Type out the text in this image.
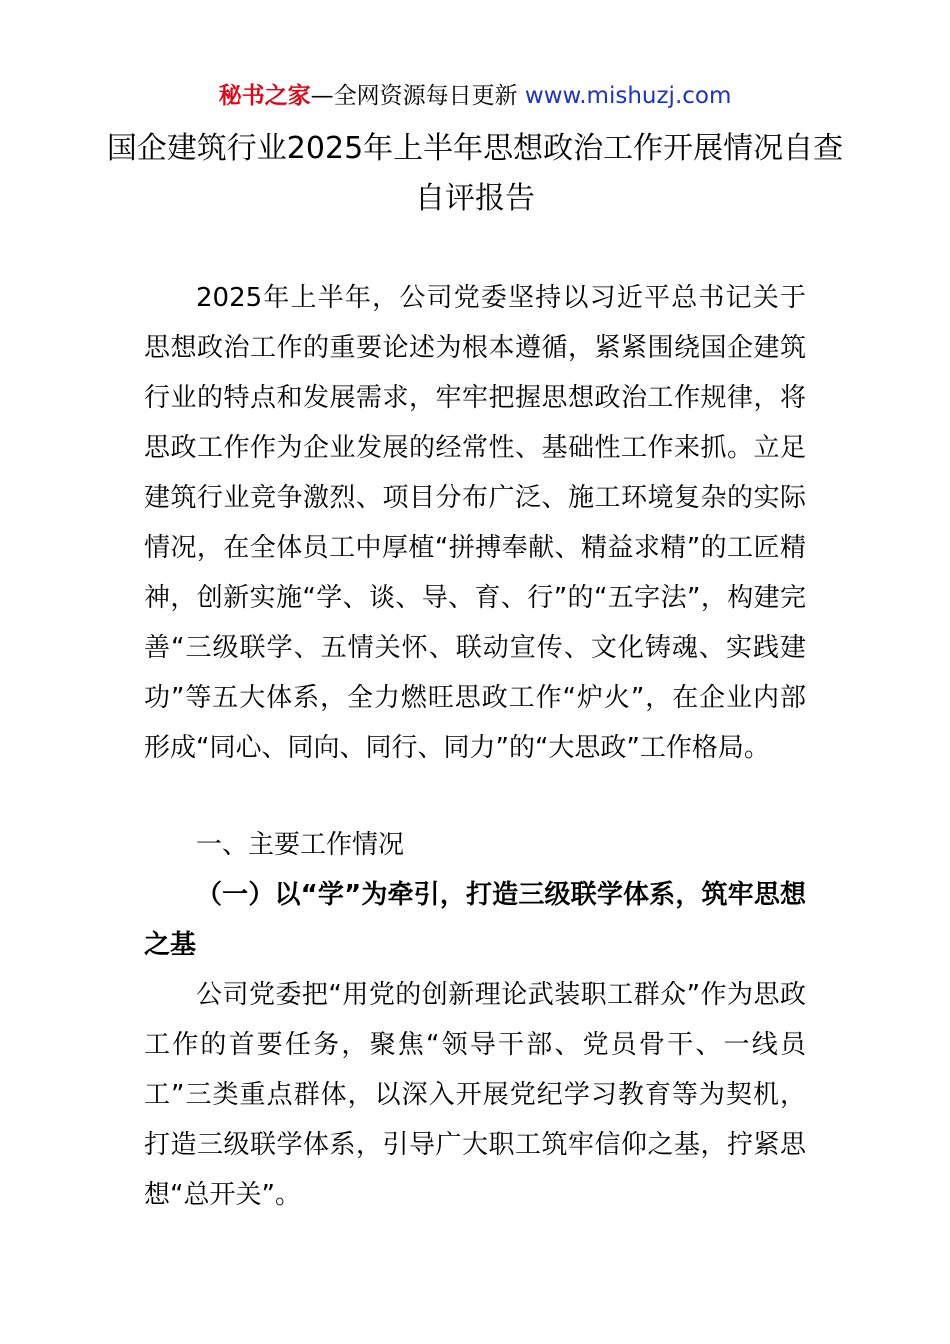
秘书之家—全网资源每日更新 www.mishuzj.com
国企建筑行业2025年上半年思想政治工作开展情况自查自评报告

2025年上半年，公司党委坚持以习近平总书记关于思想政治工作的重要论述为根本遵循，紧紧围绕国企建筑行业的特点和发展需求，牢牢把握思想政治工作规律，将思政工作作为企业发展的经常性、基础性工作来抓。立足建筑行业竞争激烈、项目分布广泛、施工环境复杂的实际情况，在全体员工中厚植“拼搏奉献、精益求精”的工匠精神，创新实施“学、谈、导、育、行”的“五字法”，构建完善“三级联学、五情关怀、联动宣传、文化铸魂、实践建功”等五大体系，全力燃旺思政工作“炉火”，在企业内部形成“同心、同向、同行、同力”的“大思政”工作格局。

一、主要工作情况

（一）以“学”为牵引，打造三级联学体系，筑牢思想之基

公司党委把“用党的创新理论武装职工群众”作为思政工作的首要任务，聚焦“领导干部、党员骨干、一线员工”三类重点群体，以深入开展党纪学习教育等为契机，打造三级联学体系，引导广大职工筑牢信仰之基，拧紧思想“总开关”。
